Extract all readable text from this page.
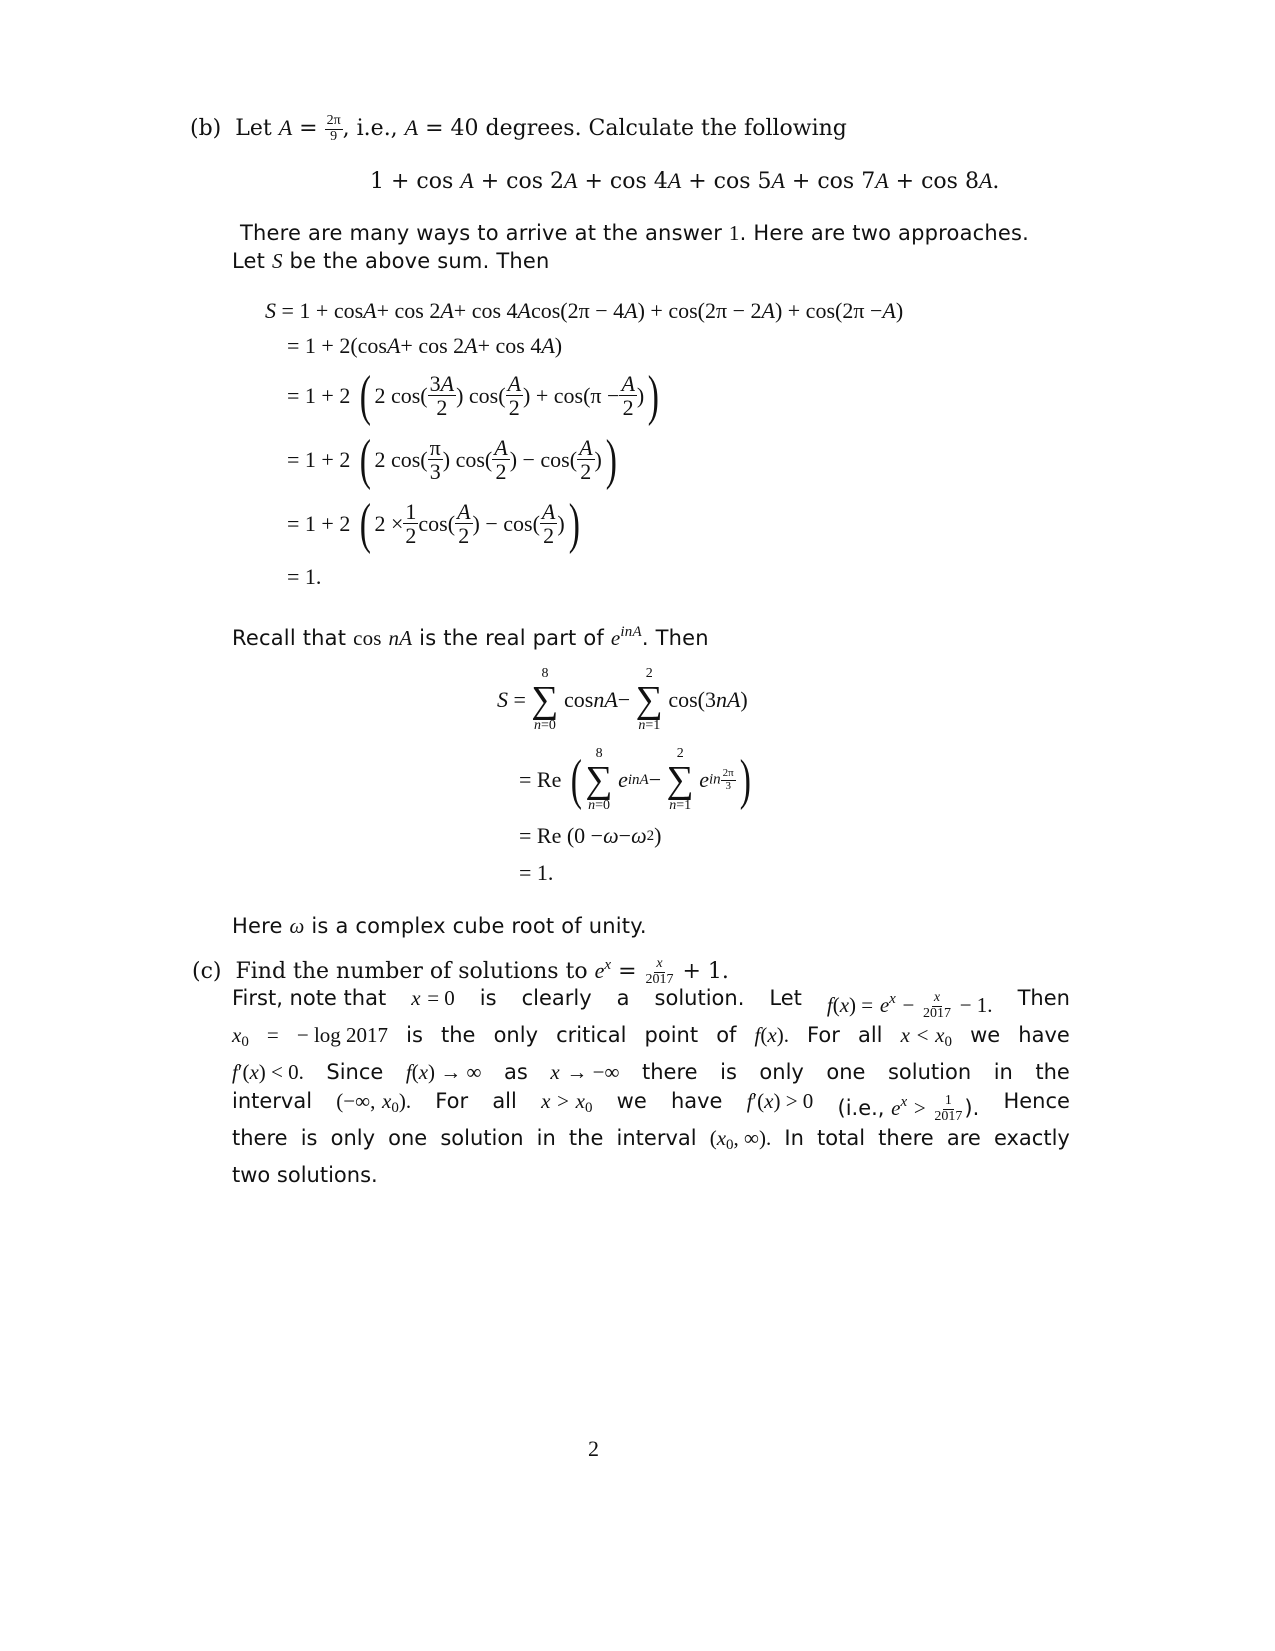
(b)  Let $A = \frac{2\pi}{9}$ , i.e., A = 40 degrees. Calculate the following
1 + cos A + cos 2A + cos 4A + cos 5A + cos 7A + cos 8A.
There are many ways to arrive at the answer 1. Here are two approaches.
Let S be the above sum. Then
S = 1 + cos A + cos 2 A + cos 4 A cos(2π − 4 A ) + cos(2π − 2 A ) + cos(2π − A )
= 1 + 2(cos A + cos 2 A + cos 4 A )
= 1 + 2 ( 2 $\cos( \frac{3A}{2}$ ) $\cos( \frac{A}{2}$ ) + $\cos(\pi - \frac{A}{2}$ ) )
= 1 + 2 ( 2 $\cos( \frac{\pi}{3}$ ) $\cos( \frac{A}{2}$ ) − $\cos( \frac{A}{2}$ ) )
= 1 + 2 ( $2 \times \frac{1}{2} \cos( \frac{A}{2}$ ) − $\cos( \frac{A}{2}$ ) )
= 1.
Recall that cos nA is the real part of $e^{inA}$. Then
S =
8
∑
n=0
cos nA −
2
∑
n=1
cos(3 nA )
= Re ( 8
∑
n=0

e inA −
2
∑
n=1

e in $\frac{2\pi}{3}$ )
= Re (0 − ω − ω 2 )
= 1.
Here ω is a complex cube root of unity.
(c)  Find the number of solutions to $e^x = \frac{x}{2017} + 1$.
First, note that x = 0 is clearly a solution. Let $f(x) = e^x - \frac{x}{2017} - 1$. Then
$x_0$ = − log 2017 is the only critical point of f(x). For all $x < x_0$ we have
f′(x) < 0. Since f(x) → ∞ as x → −∞ there is only one solution in the
interval (−∞, $x_0$). For all $x > x_0$ we have f′(x) > 0 (i.e., $e^x > \frac{1}{2017}$ ). Hence
there is only one solution in the interval ($x_0$, ∞). In total there are exactly
two solutions.
2
